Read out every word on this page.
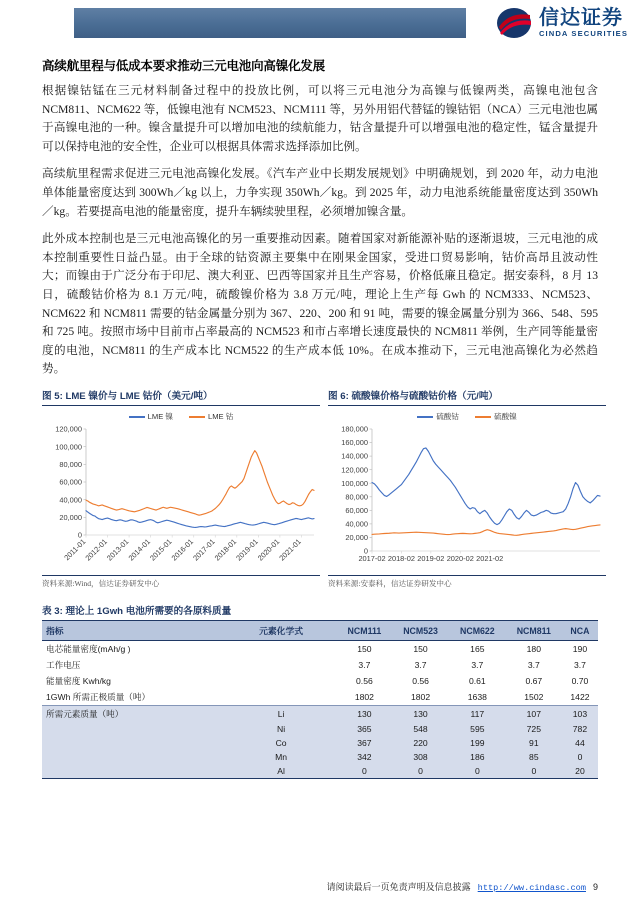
信达证券
CINDA SECURITIES
高续航里程与低成本要求推动三元电池向高镍化发展

根据镍钴锰在三元材料制备过程中的投放比例，可以将三元电池分为高镍与低镍两类，高镍电池包含 NCM811、NCM622 等，低镍电池有 NCM523、NCM111 等，另外用铝代替锰的镍钴铝（NCA）三元电池也属于高镍电池的一种。镍含量提升可以增加电池的续航能力，钴含量提升可以增强电池的稳定性，锰含量提升可以保持电池的安全性，企业可以根据具体需求选择添加比例。

高续航里程需求促进三元电池高镍化发展。《汽车产业中长期发展规划》中明确规划，到 2020 年，动力电池单体能量密度达到 300Wh／kg 以上，力争实现 350Wh／kg。到 2025 年，动力电池系统能量密度达到 350Wh／kg。若要提高电池的能量密度，提升车辆续驶里程，必须增加镍含量。

此外成本控制也是三元电池高镍化的另一重要推动因素。随着国家对新能源补贴的逐渐退坡，三元电池的成本控制重要性日益凸显。由于全球的钴资源主要集中在刚果金国家，受进口贸易影响，钴价高昂且波动性大；而镍由于广泛分布于印尼、澳大利亚、巴西等国家并且生产容易，价格低廉且稳定。据安泰科，8 月 13 日，硫酸钴价格为 8.1 万元/吨，硫酸镍价格为 3.8 万元/吨，理论上生产每 Gwh 的 NCM333、NCM523、 NCM622 和 NCM811 需要的钴金属量分别为 367、220、200 和 91 吨，需要的镍金属量分别为 366、548、595 和 725 吨。按照市场中目前市占率最高的 NCM523 和市占率增长速度最快的 NCM811 举例，生产同等能量密度的电池，NCM811 的生产成本比 NCM522 的生产成本低 10%。在成本推动下，三元电池高镍化为必然趋势。

图 5: LME 镍价与 LME 钴价（美元/吨）
LME 镍	LME 钴
0
20,000
40,000
60,000
80,000
100,000
120,000
2011-01
2012-01
2013-01
2014-01
2015-01
2016-01
2017-01
2018-01
2019-01
2020-01
2021-01
资料来源:Wind，信达证券研发中心
图 6: 硫酸镍价格与硫酸钴价格（元/吨）
硫酸钴	硫酸镍
0
20,000
40,000
60,000
80,000
100,000
120,000
140,000
160,000
180,000
2017-02 2018-02 2019-02 2020-02 2021-02
资料来源:安泰科，信达证券研发中心
表 3: 理论上 1Gwh 电池所需要的各原料质量
指标	元素化学式	NCM111	NCM523	NCM622	NCM811	NCA
电芯能量密度(mAh/g )		150	150	165	180	190
工作电压		3.7	3.7	3.7	3.7	3.7
能量密度 Kwh/kg		0.56	0.56	0.61	0.67	0.70
1GWh 所需正极质量（吨）		1802	1802	1638	1502	1422
所需元素质量（吨）	Li	130	130	117	107	103
	Ni	365	548	595	725	782
	Co	367	220	199	91	44
	Mn	342	308	186	85	0
	Al	0	0	0	0	20
请阅读最后一页免责声明及信息披露 http://ww.cindasc.com 9
